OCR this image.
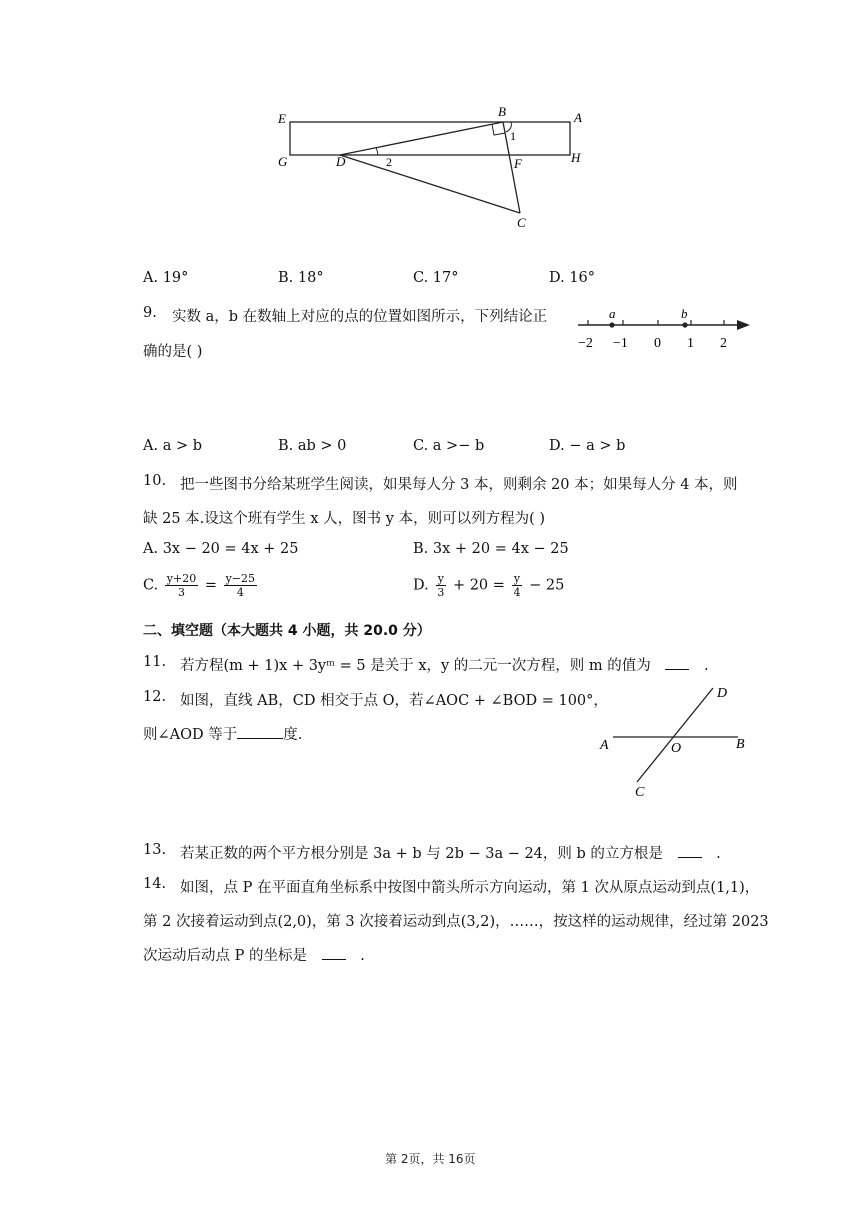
E
G
B	A
H
D	F
C
1
2
A. 19°	B. 18°	C. 17°	D. 16°
9. 实数 a，b 在数轴上对应的点的位置如图所示，下列结论正
确的是( )
a	b
−2 −1 0 1 2
A. a > b	B. ab > 0	C. a >− b	D. − a > b
10. 把一些图书分给某班学生阅读，如果每人分 3 本，则剩余 20 本；如果每人分 4 本，则
缺 25 本.设这个班有学生 x 人，图书 y 本，则可以列方程为( )
A. 3x − 20 = 4x + 25	B. 3x + 20 = 4x − 25
C. $\frac{y+20}{3} = \frac{y-25}{4}$	D. $\frac{y}{3} + 20 = \frac{y}{4} - 25$
二、填空题（本大题共 4 小题，共 20.0 分）
11. 若方程(m + 1)x + 3yᵐ = 5 是关于 x，y 的二元一次方程，则 m 的值为	.
12. 如图，直线 AB，CD 相交于点 O，若∠AOC + ∠BOD = 100°，
则∠AOD 等于	度.
D
A	O	B
C
13. 若某正数的两个平方根分别是 3a + b 与 2b − 3a − 24，则 b 的立方根是	.
14. 如图，点 P 在平面直角坐标系中按图中箭头所示方向运动，第 1 次从原点运动到点(1,1)，
第 2 次接着运动到点(2,0)，第 3 次接着运动到点(3,2)，……，按这样的运动规律，经过第 2023
次运动后动点 P 的坐标是	.
第 2页，共 16页
